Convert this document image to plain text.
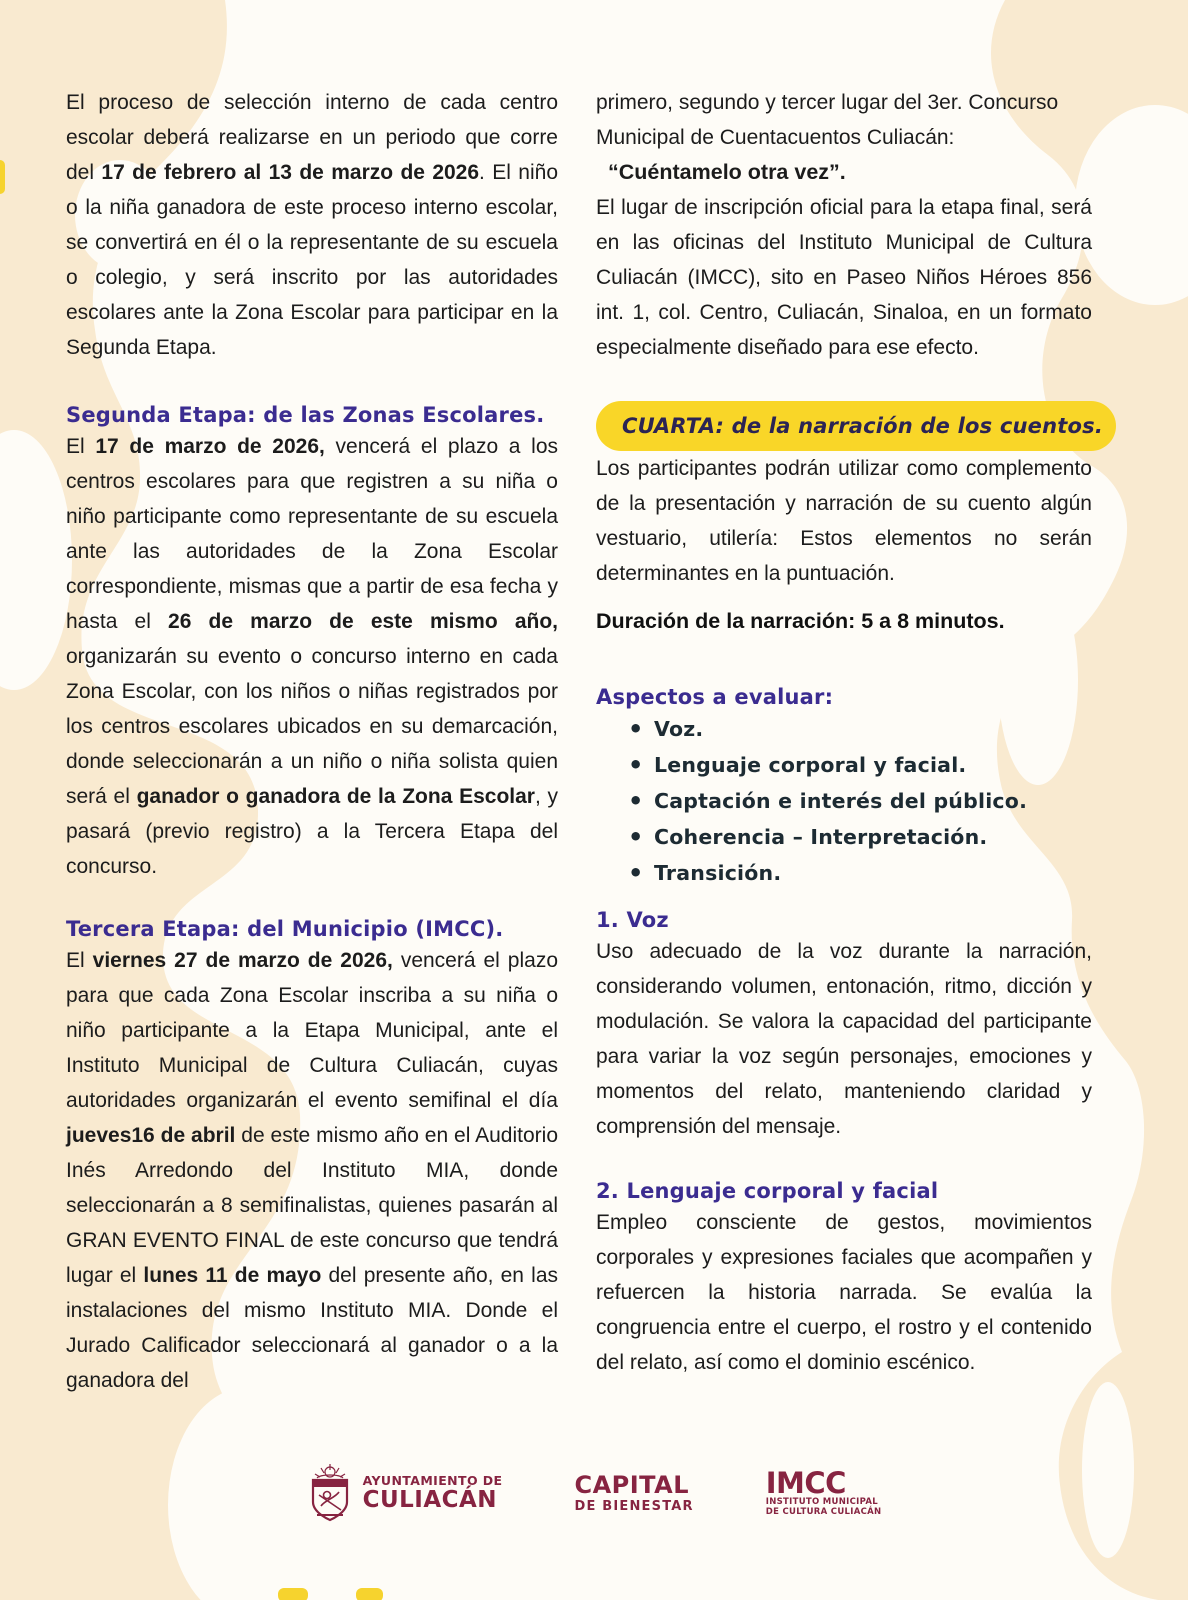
El proceso de selección interno de cada centro escolar deberá realizarse en un periodo que corre del 17 de febrero al 13 de marzo de 2026. El niño o la niña ganadora de este proceso interno escolar, se convertirá en él o la representante de su escuela o colegio, y será inscrito por las autoridades escolares ante la Zona Escolar para participar en la Segunda Etapa.

Segunda Etapa: de las Zonas Escolares.

El 17 de marzo de 2026, vencerá el plazo a los centros escolares para que registren a su niña o niño participante como representante de su escuela ante las autoridades de la Zona Escolar correspondiente, mismas que a partir de esa fecha y hasta el 26 de marzo de este mismo año, organizarán su evento o concurso interno en cada Zona Escolar, con los niños o niñas registrados por los centros escolares ubicados en su demarcación, donde seleccionarán a un niño o niña solista quien será el ganador o ganadora de la Zona Escolar, y pasará (previo registro) a la Tercera Etapa del concurso.

Tercera Etapa: del Municipio (IMCC).

El viernes 27 de marzo de 2026, vencerá el plazo para que cada Zona Escolar inscriba a su niña o niño participante a la Etapa Municipal, ante el Instituto Municipal de Cultura Culiacán, cuyas autoridades organizarán el evento semifinal el día jueves16 de abril de este mismo año en el Auditorio Inés Arredondo del Instituto MIA, donde seleccionarán a 8 semifinalistas, quienes pasarán al GRAN EVENTO FINAL de este concurso que tendrá lugar el lunes 11 de mayo del presente año, en las instalaciones del mismo Instituto MIA. Donde el Jurado Calificador seleccionará al ganador o a la ganadora del

primero, segundo y tercer lugar del 3er. Concurso Municipal de Cuentacuentos Culiacán:

“Cuéntamelo otra vez”.

El lugar de inscripción oficial para la etapa final, será en las oficinas del Instituto Municipal de Cultura Culiacán (IMCC), sito en Paseo Niños Héroes 856 int. 1, col. Centro, Culiacán, Sinaloa, en un formato especialmente diseñado para ese efecto.

CUARTA: de la narración de los cuentos.

Los participantes podrán utilizar como complemento de la presentación y narración de su cuento algún vestuario, utilería: Estos elementos no serán determinantes en la puntuación.

Duración de la narración: 5 a 8 minutos.

Aspectos a evaluar:
• Voz.
• Lenguaje corporal y facial.
• Captación e interés del público.
• Coherencia – Interpretación.
• Transición.
1. Voz

Uso adecuado de la voz durante la narración, considerando volumen, entonación, ritmo, dicción y modulación. Se valora la capacidad del participante para variar la voz según personajes, emociones y momentos del relato, manteniendo claridad y comprensión del mensaje.

2. Lenguaje corporal y facial

Empleo consciente de gestos, movimientos corporales y expresiones faciales que acompañen y refuercen la historia narrada. Se evalúa la congruencia entre el cuerpo, el rostro y el contenido del relato, así como el dominio escénico.

AYUNTAMIENTO DE
CULIACÁN
CAPITAL
DE BIENESTAR
IMCC
INSTITUTO MUNICIPAL
DE CULTURA CULIACÁN
